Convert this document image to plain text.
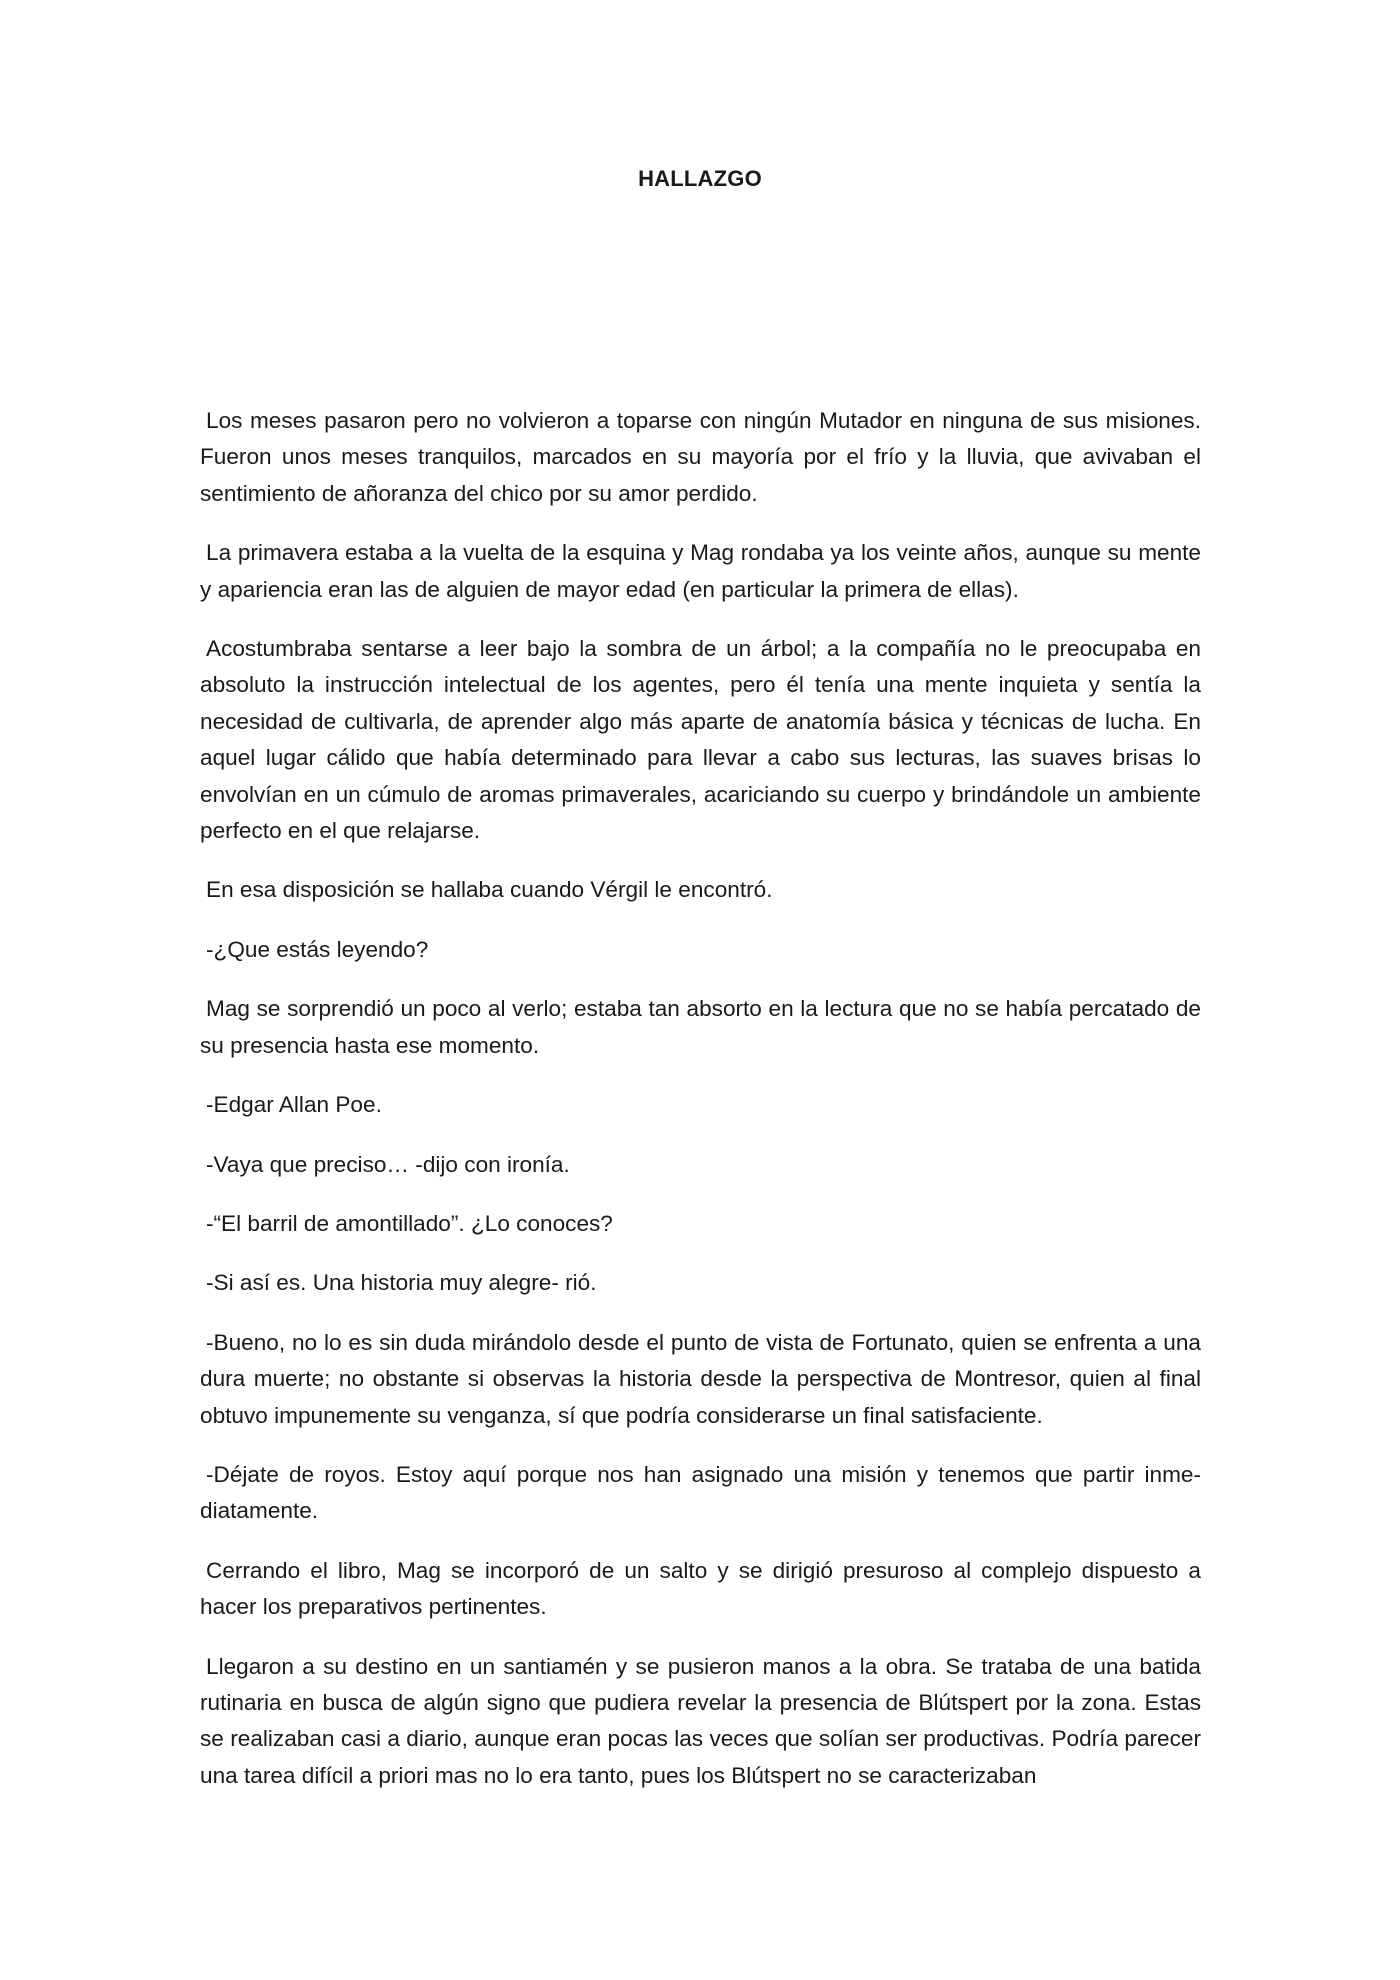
HALLAZGO

Los meses pasaron pero no volvieron a toparse con ningún Mutador en ninguna de sus misiones. Fueron unos meses tranquilos, marcados en su mayoría por el frío y la lluvia, que avivaban el sentimiento de añoranza del chico por su amor perdido.

La primavera estaba a la vuelta de la esquina y Mag rondaba ya los veinte años, aunque su mente y apariencia eran las de alguien de mayor edad (en particular la primera de ellas).

Acostumbraba sentarse a leer bajo la sombra de un árbol; a la compañía no le preocupaba en absoluto la instrucción intelectual de los agentes, pero él tenía una mente inquieta y sentía la necesidad de cultivarla, de aprender algo más aparte de anatomía básica y técnicas de lucha. En aquel lugar cálido que había determinado para llevar a cabo sus lecturas, las suaves brisas lo envolvían en un cúmulo de aromas primaverales, acariciando su cuerpo y brindándole un ambiente perfecto en el que relajarse.

En esa disposición se hallaba cuando Vérgil le encontró.

-¿Que estás leyendo?

Mag se sorprendió un poco al verlo; estaba tan absorto en la lectura que no se había percatado de su presencia hasta ese momento.

-Edgar Allan Poe.

-Vaya que preciso… -dijo con ironía.

-“El barril de amontillado”. ¿Lo conoces?

-Si así es. Una historia muy alegre- rió.

-Bueno, no lo es sin duda mirándolo desde el punto de vista de Fortunato, quien se enfrenta a una dura muerte; no obstante si observas la historia desde la perspectiva de Montresor, quien al final obtuvo impunemente su venganza, sí que podría considerarse un final satisfaciente.

-Déjate de royos. Estoy aquí porque nos han asignado una misión y tenemos que partir inmediatamente.

Cerrando el libro, Mag se incorporó de un salto y se dirigió presuroso al complejo dispuesto a hacer los preparativos pertinentes.

Llegaron a su destino en un santiamén y se pusieron manos a la obra. Se trataba de una batida rutinaria en busca de algún signo que pudiera revelar la presencia de Blútspert por la zona. Estas se realizaban casi a diario, aunque eran pocas las veces que solían ser productivas. Podría parecer una tarea difícil a priori mas no lo era tanto, pues los Blútspert no se caracterizaban
